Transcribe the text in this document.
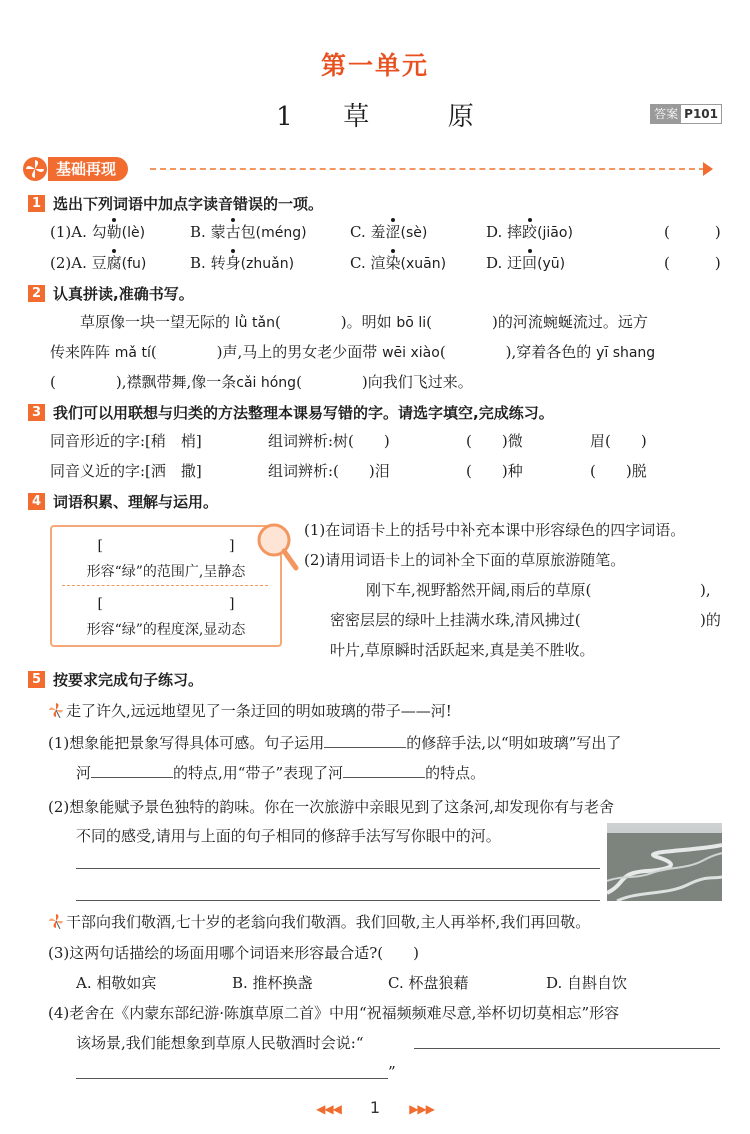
第一单元
1 草	原	答案 P101
基础再现
1 选出下列词语中加点字读音错误的一项。
(1)A. 勾勒(lè)	B. 蒙古包(méng)	C. 羞涩(sè)	D. 摔跤(jiāo)	(　　　)
(2)A. 豆腐(fu)	B. 转身(zhuǎn)	C. 渲染(xuān)	D. 迂回(yū)	(　　　)
2 认真拼读,准确书写。
草原像一块一望无际的 lǜ tǎn(　　　　)。明如 bō li(　　　　)的河流蜿蜒流过。远方
传来阵阵 mǎ tí(　　　　)声,马上的男女老少面带 wēi xiào(　　　　),穿着各色的 yī shang
(　　　　),襟飘带舞,像一条cǎi hóng(　　　　)向我们飞过来。
3 我们可以用联想与归类的方法整理本课易写错的字。请选字填空,完成练习。
同音形近的字:[稍　梢]	组词辨析:树(　　)	(　　)微	眉(　　)
同音义近的字:[洒　撒]	组词辨析:(　　)泪	(　　)种	(　　)脱
4 词语积累、理解与运用。
[　　　　　　　　　]
形容“绿”的范围广,呈静态
[　　　　　　　　　]
形容“绿”的程度深,显动态
(1)在词语卡上的括号中补充本课中形容绿色的四字词语。
(2)请用词语卡上的词补全下面的草原旅游随笔。
刚下车,视野豁然开阔,雨后的草原(	),
密密层层的绿叶上挂满水珠,清风拂过(	)的
叶片,草原瞬时活跃起来,真是美不胜收。
5 按要求完成句子练习。
走了许久,远远地望见了一条迂回的明如玻璃的带子——河!
(1)想象能把景象写得具体可感。句子运用	的修辞手法,以“明如玻璃”写出了
河	的特点,用“带子”表现了河	的特点。
(2)想象能赋予景色独特的韵味。你在一次旅游中亲眼见到了这条河,却发现你有与老舍
不同的感受,请用与上面的句子相同的修辞手法写写你眼中的河。
干部向我们敬酒,七十岁的老翁向我们敬酒。我们回敬,主人再举杯,我们再回敬。
(3)这两句话描绘的场面用哪个词语来形容最合适?(　　)
A. 相敬如宾	B. 推杯换盏	C. 杯盘狼藉	D. 自斟自饮
(4)老舍在《内蒙东部纪游·陈旗草原二首》中用“祝福频频难尽意,举杯切切莫相忘”形容
该场景,我们能想象到草原人民敬酒时会说:“
”
◀◀◀ 1 ▶▶▶
